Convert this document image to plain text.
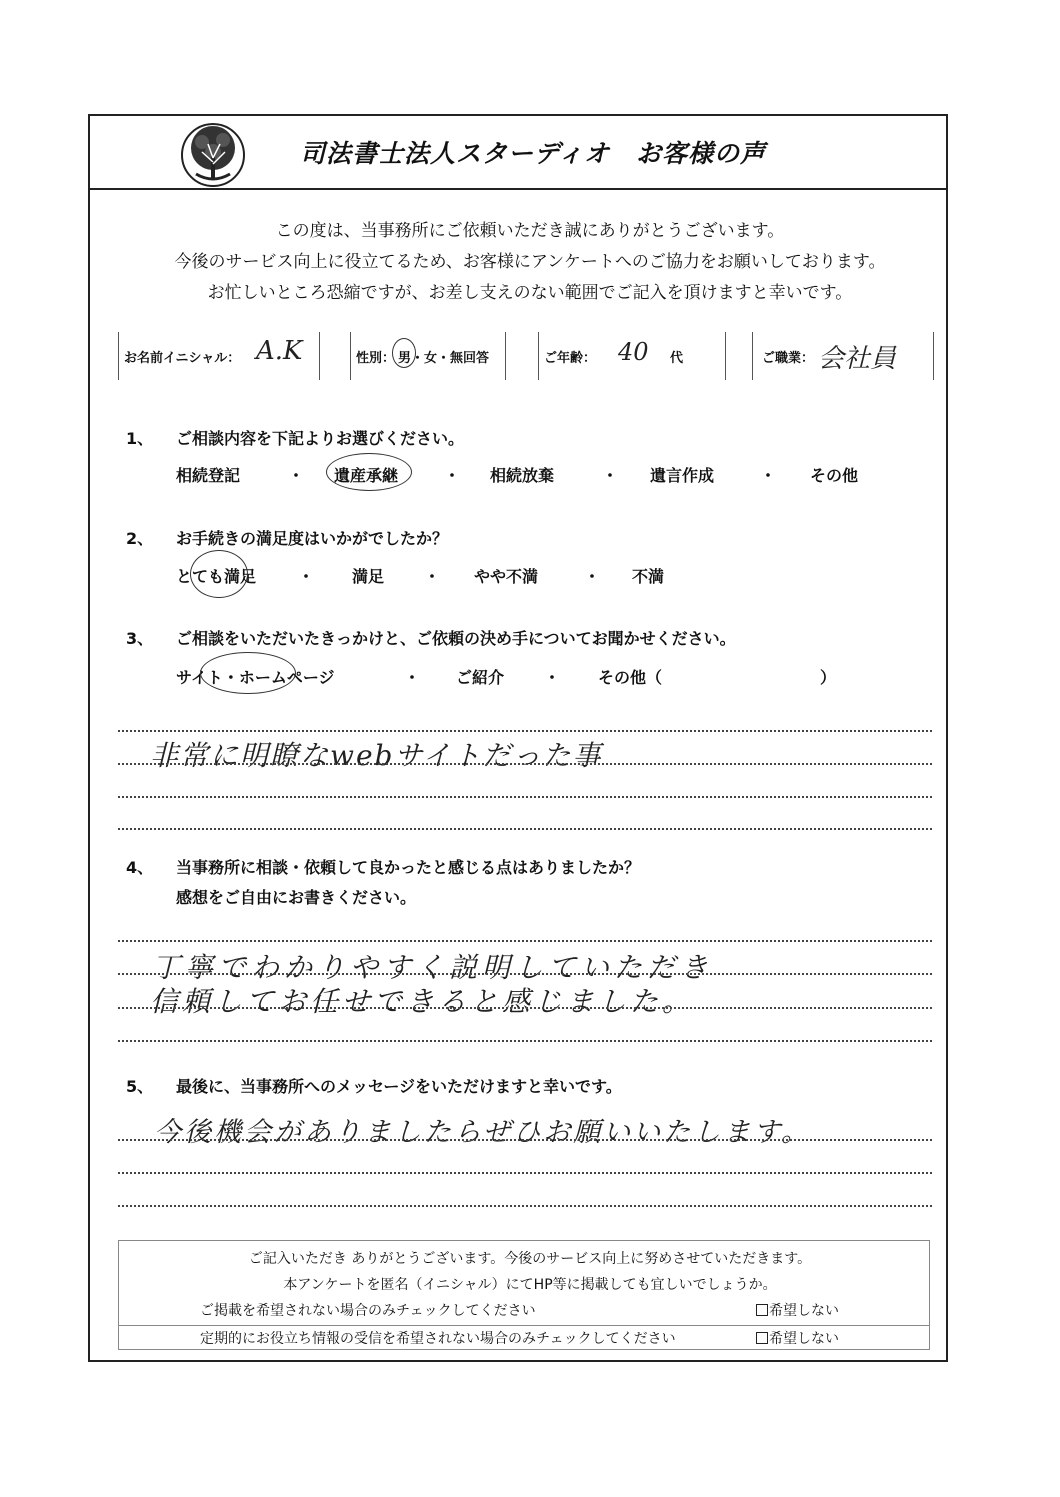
司法書士法人スターディオ　お客様の声
この度は、当事務所にご依頼いただき誠にありがとうございます。
今後のサービス向上に役立てるため、お客様にアンケートへのご協力をお願いしております。
お忙しいところ恐縮ですが、お差し支えのない範囲でご記入を頂けますと幸いです。
お名前イニシャル： A.K	性別： 男・女・無回答	ご年齢： 40 代	ご職業： 会社員
1、 ご相談内容を下記よりお選びください。
相続登記	・ 遺産承継	・ 相続放棄	・ 遺言作成	・ その他
2、 お手続きの満足度はいかがでしたか？
とても満足	・ 満足 ・ やや不満	・ 不満
3、 ご相談をいただいたきっかけと、ご依頼の決め手についてお聞かせください。
サイト・ホームページ	・ ご紹介 ・ その他（	）
非常に明瞭なwebサイトだった事
4、 当事務所に相談・依頼して良かったと感じる点はありましたか？
感想をご自由にお書きください。
丁寧でわかりやすく説明していただき
信頼してお任せできると感じました。
5、 最後に、当事務所へのメッセージをいただけますと幸いです。
今後機会がありましたらぜひお願いいたします。
ご記入いただき ありがとうございます。今後のサービス向上に努めさせていただきます。
本アンケートを匿名（イニシャル）にてHP等に掲載しても宜しいでしょうか。
ご掲載を希望されない場合のみチェックしてください	希望しない
定期的にお役立ち情報の受信を希望されない場合のみチェックしてください	希望しない
